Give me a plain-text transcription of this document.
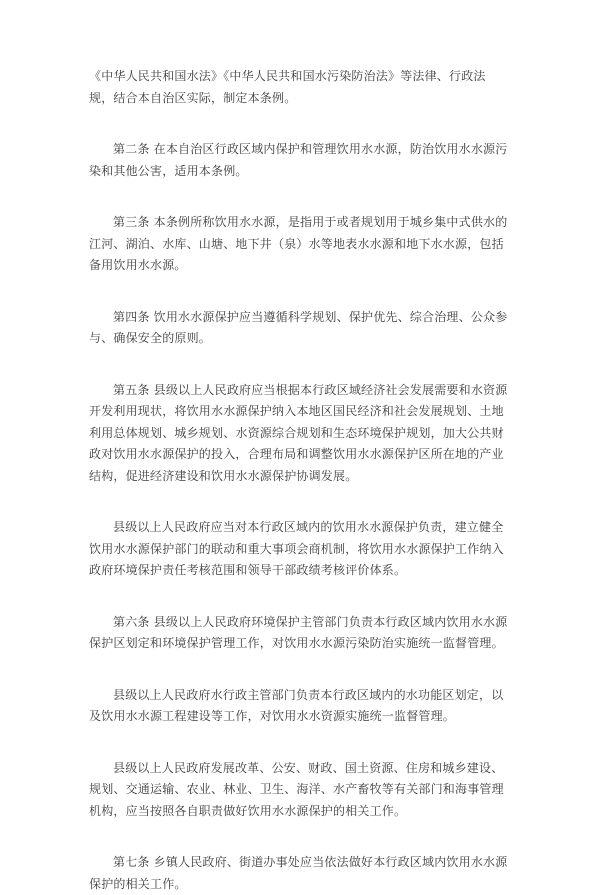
《中华人民共和国水法》《中华人民共和国水污染防治法》等法律、行政法
规，结合本自治区实际，制定本条例。

第二条 在本自治区行政区域内保护和管理饮用水水源，防治饮用水水源污
染和其他公害，适用本条例。

第三条 本条例所称饮用水水源，是指用于或者规划用于城乡集中式供水的
江河、湖泊、水库、山塘、地下井（泉）水等地表水水源和地下水水源，包括
备用饮用水水源。

第四条 饮用水水源保护应当遵循科学规划、保护优先、综合治理、公众参
与、确保安全的原则。

第五条 县级以上人民政府应当根据本行政区域经济社会发展需要和水资源
开发利用现状，将饮用水水源保护纳入本地区国民经济和社会发展规划、土地
利用总体规划、城乡规划、水资源综合规划和生态环境保护规划，加大公共财
政对饮用水水源保护的投入，合理布局和调整饮用水水源保护区所在地的产业
结构，促进经济建设和饮用水水源保护协调发展。

县级以上人民政府应当对本行政区域内的饮用水水源保护负责，建立健全
饮用水水源保护部门的联动和重大事项会商机制，将饮用水水源保护工作纳入
政府环境保护责任考核范围和领导干部政绩考核评价体系。

第六条 县级以上人民政府环境保护主管部门负责本行政区域内饮用水水源
保护区划定和环境保护管理工作，对饮用水水源污染防治实施统一监督管理。

县级以上人民政府水行政主管部门负责本行政区域内的水功能区划定，以
及饮用水水源工程建设等工作，对饮用水水资源实施统一监督管理。

县级以上人民政府发展改革、公安、财政、国土资源、住房和城乡建设、
规划、交通运输、农业、林业、卫生、海洋、水产畜牧等有关部门和海事管理
机构，应当按照各自职责做好饮用水水源保护的相关工作。

第七条 乡镇人民政府、街道办事处应当依法做好本行政区域内饮用水水源
保护的相关工作。
